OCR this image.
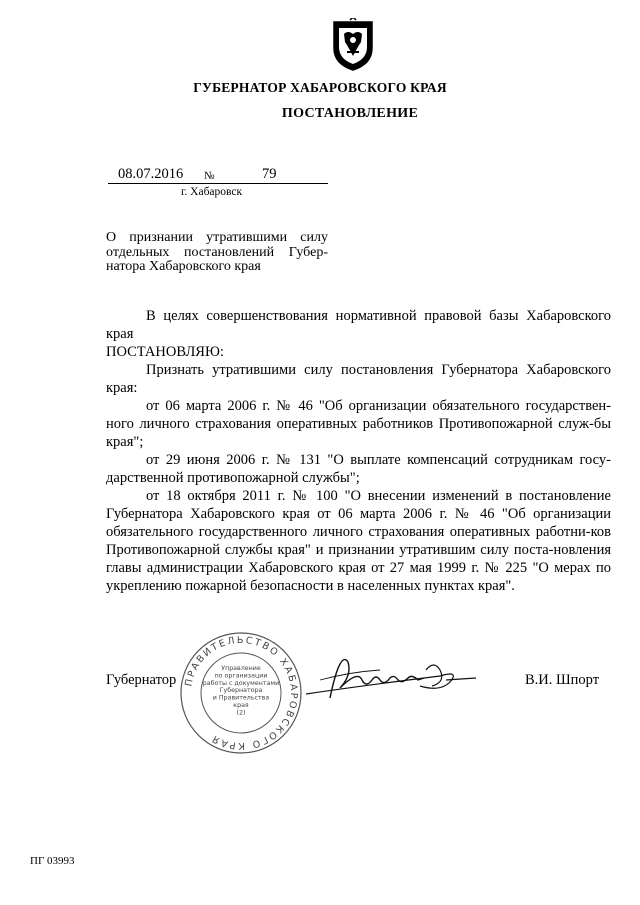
ГУБЕРНАТОР ХАБАРОВСКОГО КРАЯ
ПОСТАНОВЛЕНИЕ
08.07.2016 №	79
г. Хабаровск
О признании утратившими силу отдельных постановлений Губер-натора Хабаровского края

В целях совершенствования нормативной правовой базы Хабаровского края

ПОСТАНОВЛЯЮ:

Признать утратившими силу постановления Губернатора Хабаровского края:

от 06 марта 2006 г. № 46 "Об организации обязательного государствен-ного личного страхования оперативных работников Противопожарной служ-бы края";

от 29 июня 2006 г. № 131 "О выплате компенсаций сотрудникам госу-дарственной противопожарной службы";

от 18 октября 2011 г. № 100 "О внесении изменений в постановление Губернатора Хабаровского края от 06 марта 2006 г. № 46 "Об организации обязательного государственного личного страхования оперативных работни-ков Противопожарной службы края" и признании утратившим силу поста-новления главы администрации Хабаровского края от 27 мая 1999 г. № 225 "О мерах по укреплению пожарной безопасности в населенных пунктах края".

Губернатор	В.И. Шпорт
ПРАВИТЕЛЬСТВО ХАБАРОВСКОГО КРАЯ
Управление
по организации
работы с документами
Губернатора
и Правительства
края
(2)
ПГ 03993
